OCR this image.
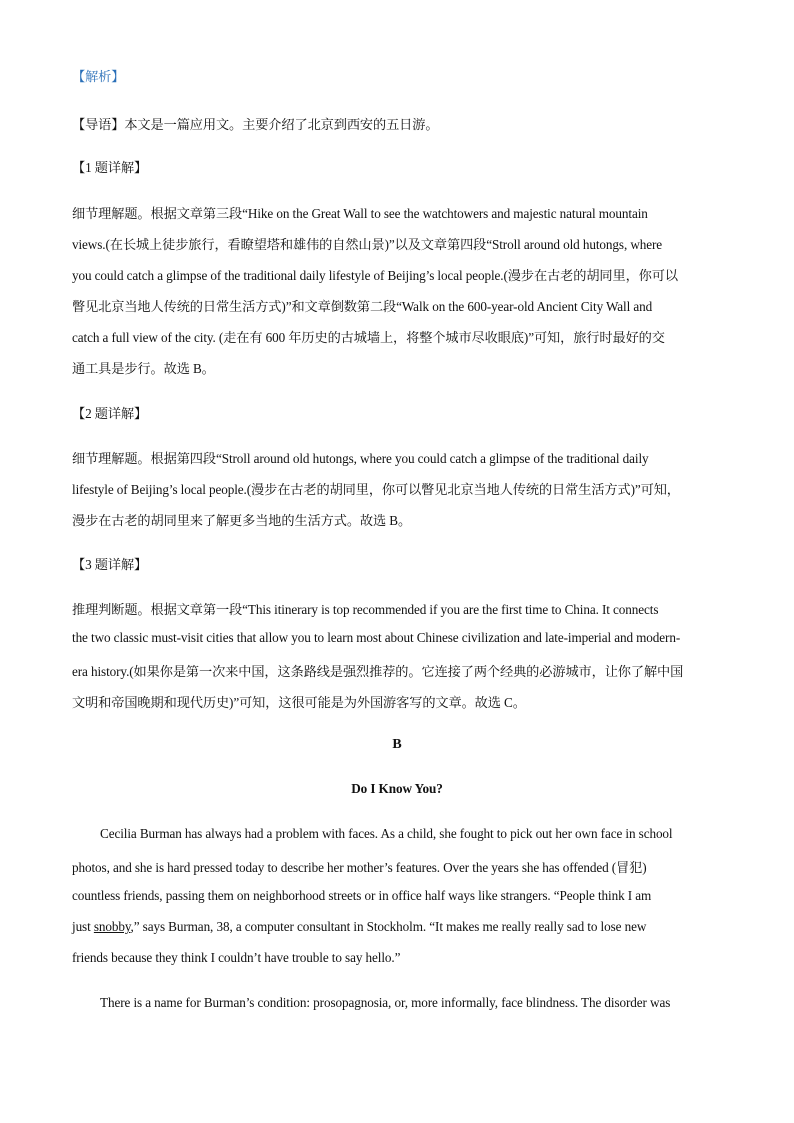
【解析】
【导语】本文是一篇应用文。主要介绍了北京到西安的五日游。
【1 题详解】
细节理解题。根据文章第三段“Hike on the Great Wall to see the watchtowers and majestic natural mountain
views.(在长城上徒步旅行，看瞭望塔和雄伟的自然山景)”以及文章第四段“Stroll around old hutongs, where
you could catch a glimpse of the traditional daily lifestyle of Beijing’s local people.(漫步在古老的胡同里，你可以
瞥见北京当地人传统的日常生活方式)”和文章倒数第二段“Walk on the 600-year-old Ancient City Wall and
catch a full view of the city. (走在有 600 年历史的古城墙上，将整个城市尽收眼底)”可知，旅行时最好的交
通工具是步行。故选 B。
【2 题详解】
细节理解题。根据第四段“Stroll around old hutongs, where you could catch a glimpse of the traditional daily
lifestyle of Beijing’s local people.(漫步在古老的胡同里，你可以瞥见北京当地人传统的日常生活方式)”可知，
漫步在古老的胡同里来了解更多当地的生活方式。故选 B。
【3 题详解】
推理判断题。根据文章第一段“This itinerary is top recommended if you are the first time to China. It connects
the two classic must-visit cities that allow you to learn most about Chinese civilization and late-imperial and modern-
era history.(如果你是第一次来中国，这条路线是强烈推荐的。它连接了两个经典的必游城市，让你了解中国
文明和帝国晚期和现代历史)”可知，这很可能是为外国游客写的文章。故选 C。
B
Do I Know You?
Cecilia Burman has always had a problem with faces. As a child, she fought to pick out her own face in school
photos, and she is hard pressed today to describe her mother’s features. Over the years she has offended (冒犯)
countless friends, passing them on neighborhood streets or in office half ways like strangers. “People think I am
just snobby,” says Burman, 38, a computer consultant in Stockholm. “It makes me really really sad to lose new
friends because they think I couldn’t have trouble to say hello.”
There is a name for Burman’s condition: prosopagnosia, or, more informally, face blindness. The disorder was
